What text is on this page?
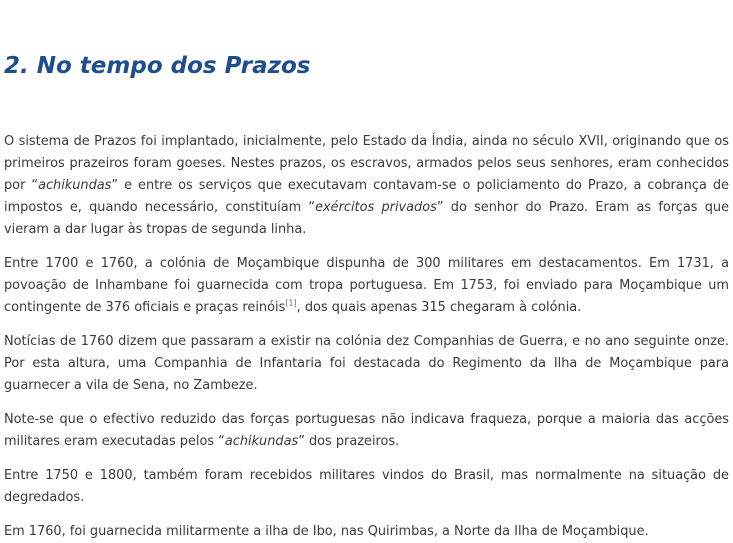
2. No tempo dos Prazos

O sistema de Prazos foi implantado, inicialmente, pelo Estado da Índia, ainda no século XVII, originando que os primeiros prazeiros foram goeses. Nestes prazos, os escravos, armados pelos seus senhores, eram conhecidos por “achikundas” e entre os serviços que executavam contavam-se o policiamento do Prazo, a cobrança de impostos e, quando necessário, constituíam “exércitos privados” do senhor do Prazo. Eram as forças que vieram a dar lugar às tropas de segunda linha.

Entre 1700 e 1760, a colónia de Moçambique dispunha de 300 militares em destacamentos. Em 1731, a povoação de Inhambane foi guarnecida com tropa portuguesa. Em 1753, foi enviado para Moçambique um contingente de 376 oficiais e praças reinóis[1], dos quais apenas 315 chegaram à colónia.

Notícias de 1760 dizem que passaram a existir na colónia dez Companhias de Guerra, e no ano seguinte onze. Por esta altura, uma Companhia de Infantaria foi destacada do Regimento da Ilha de Moçambique para guarnecer a vila de Sena, no Zambeze.

Note-se que o efectivo reduzido das forças portuguesas não indicava fraqueza, porque a maioria das acções militares eram executadas pelos “achikundas” dos prazeiros.

Entre 1750 e 1800, também foram recebidos militares vindos do Brasil, mas normalmente na situação de degredados.

Em 1760, foi guarnecida militarmente a ilha de Ibo, nas Quirimbas, a Norte da Ilha de Moçambique.
